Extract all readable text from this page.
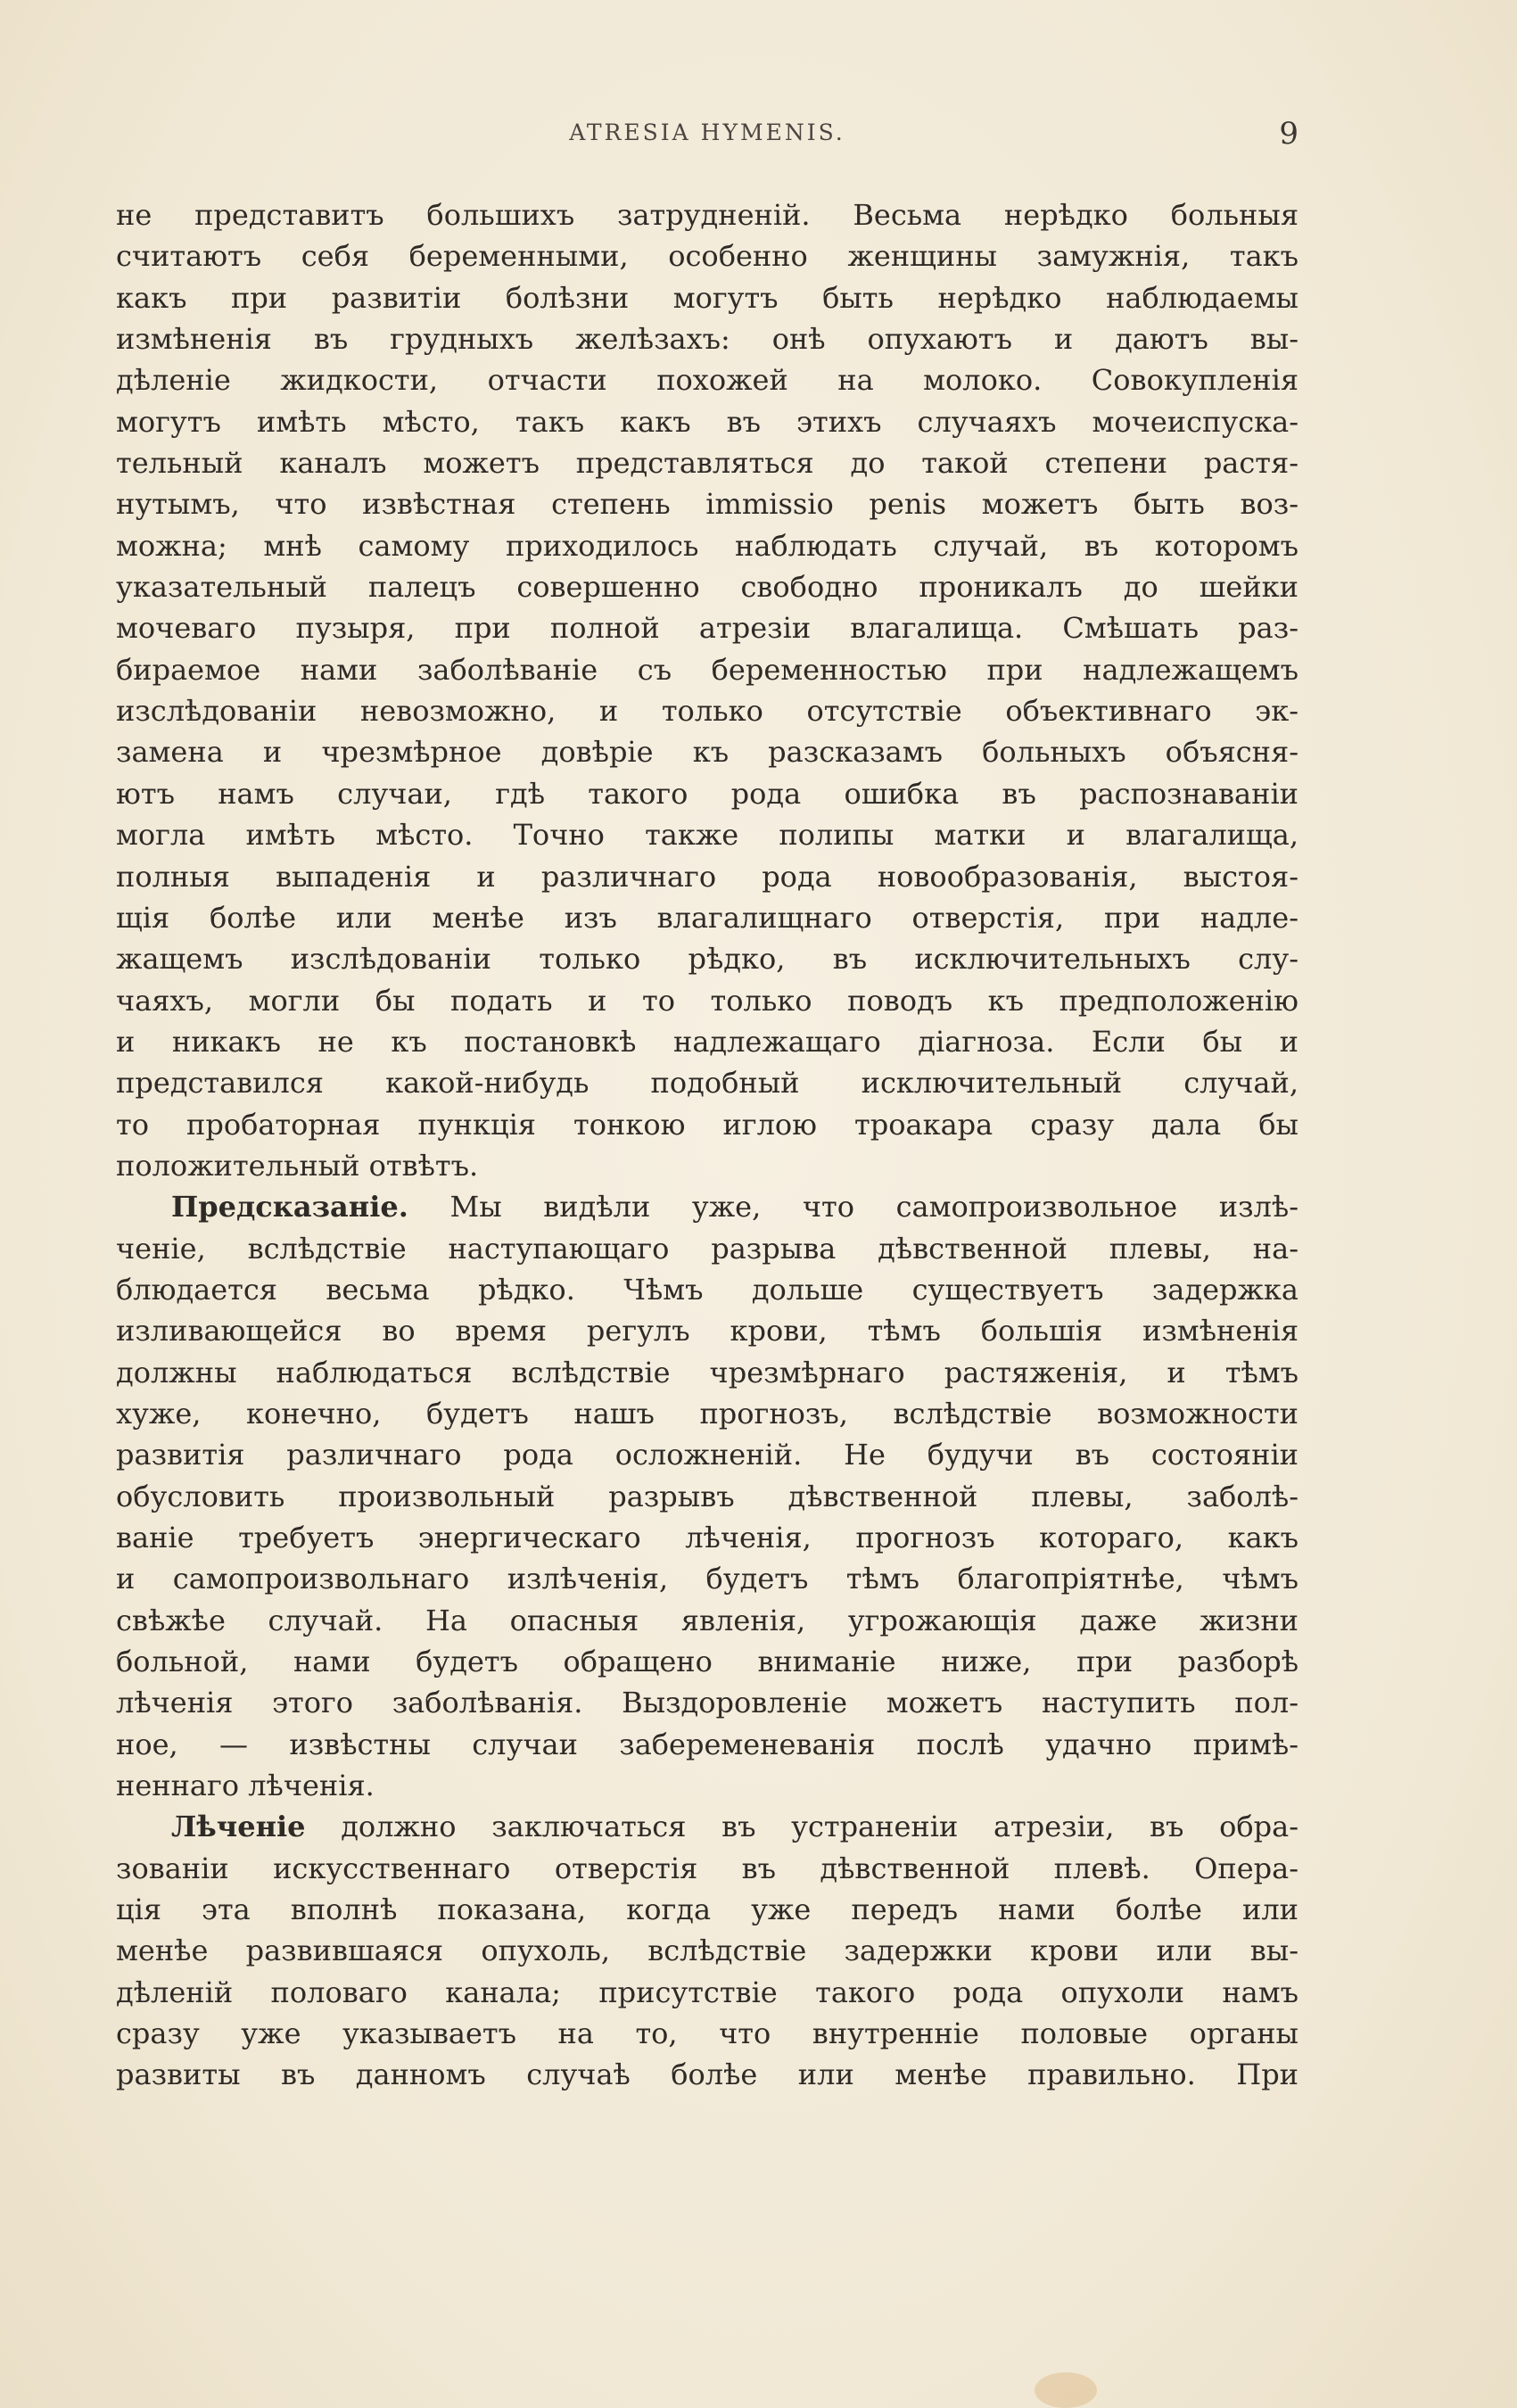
ATRESIA HYMENIS.	9
не представитъ большихъ затрудненій. Весьма нерѣдко больныя
считаютъ себя беременными, особенно женщины замужнія, такъ
какъ при развитіи болѣзни могутъ быть нерѣдко наблюдаемы
измѣненія въ грудныхъ желѣзахъ: онѣ опухаютъ и даютъ вы-
дѣленіе жидкости, отчасти похожей на молоко. Совокупленія
могутъ имѣть мѣсто, такъ какъ въ этихъ случаяхъ мочеиспуска-
тельный каналъ можетъ представляться до такой степени растя-
нутымъ, что извѣстная степень immissio penis можетъ быть воз-
можна; мнѣ самому приходилось наблюдать случай, въ которомъ
указательный палецъ совершенно свободно проникалъ до шейки
мочеваго пузыря, при полной атрезіи влагалища. Смѣшать раз-
бираемое нами заболѣваніе съ беременностью при надлежащемъ
изслѣдованіи невозможно, и только отсутствіе объективнаго эк-
замена и чрезмѣрное довѣріе къ разсказамъ больныхъ объясня-
ютъ намъ случаи, гдѣ такого рода ошибка въ распознаваніи
могла имѣть мѣсто. Точно также полипы матки и влагалища,
полныя выпаденія и различнаго рода новообразованія, выстоя-
щія болѣе или менѣе изъ влагалищнаго отверстія, при надле-
жащемъ изслѣдованіи только рѣдко, въ исключительныхъ слу-
чаяхъ, могли бы подать и то только поводъ къ предположенію
и никакъ не къ постановкѣ надлежащаго діагноза. Если бы и
представился какой-нибудь подобный исключительный случай,
то пробаторная пункція тонкою иглою троакара сразу дала бы
положительный отвѣтъ.
Предсказаніе. Мы видѣли уже, что самопроизвольное излѣ-
ченіе, вслѣдствіе наступающаго разрыва дѣвственной плевы, на-
блюдается весьма рѣдко. Чѣмъ дольше существуетъ задержка
изливающейся во время регулъ крови, тѣмъ большія измѣненія
должны наблюдаться вслѣдствіе чрезмѣрнаго растяженія, и тѣмъ
хуже, конечно, будетъ нашъ прогнозъ, вслѣдствіе возможности
развитія различнаго рода осложненій. Не будучи въ состояніи
обусловить произвольный разрывъ дѣвственной плевы, заболѣ-
ваніе требуетъ энергическаго лѣченія, прогнозъ котораго, какъ
и самопроизвольнаго излѣченія, будетъ тѣмъ благопріятнѣе, чѣмъ
свѣжѣе случай. На опасныя явленія, угрожающія даже жизни
больной, нами будетъ обращено вниманіе ниже, при разборѣ
лѣченія этого заболѣванія. Выздоровленіе можетъ наступить пол-
ное, — извѣстны случаи забеременеванія послѣ удачно примѣ-
неннаго лѣченія.
Лѣченіе должно заключаться въ устраненіи атрезіи, въ обра-
зованіи искусственнаго отверстія въ дѣвственной плевѣ. Опера-
ція эта вполнѣ показана, когда уже передъ нами болѣе или
менѣе развившаяся опухоль, вслѣдствіе задержки крови или вы-
дѣленій половаго канала; присутствіе такого рода опухоли намъ
сразу уже указываетъ на то, что внутренніе половые органы
развиты въ данномъ случаѣ болѣе или менѣе правильно. При
